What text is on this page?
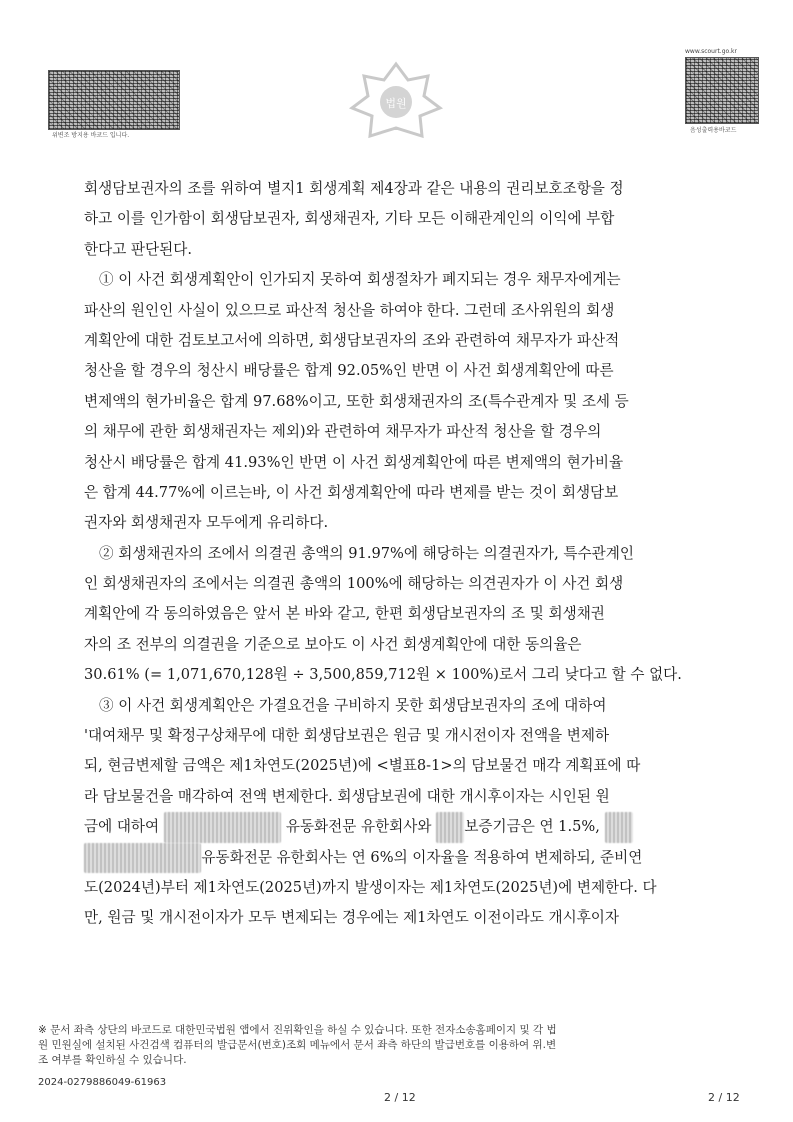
위변조 방지용 바코드 입니다.
법원
www.scourt.go.kr
음성출력용바코드
회생담보권자의 조를 위하여 별지1 회생계획 제4장과 같은 내용의 권리보호조항을 정
하고 이를 인가함이 회생담보권자, 회생채권자, 기타 모든 이해관계인의 이익에 부합
한다고 판단된다.
① 이 사건 회생계획안이 인가되지 못하여 회생절차가 폐지되는 경우 채무자에게는
파산의 원인인 사실이 있으므로 파산적 청산을 하여야 한다. 그런데 조사위원의 회생
계획안에 대한 검토보고서에 의하면, 회생담보권자의 조와 관련하여 채무자가 파산적
청산을 할 경우의 청산시 배당률은 합계 92.05%인 반면 이 사건 회생계획안에 따른
변제액의 현가비율은 합계 97.68%이고, 또한 회생채권자의 조(특수관계자 및 조세 등
의 채무에 관한 회생채권자는 제외)와 관련하여 채무자가 파산적 청산을 할 경우의
청산시 배당률은 합계 41.93%인 반면 이 사건 회생계획안에 따른 변제액의 현가비율
은 합계 44.77%에 이르는바, 이 사건 회생계획안에 따라 변제를 받는 것이 회생담보
권자와 회생채권자 모두에게 유리하다.
② 회생채권자의 조에서 의결권 총액의 91.97%에 해당하는 의결권자가, 특수관계인
인 회생채권자의 조에서는 의결권 총액의 100%에 해당하는 의견권자가 이 사건 회생
계획안에 각 동의하였음은 앞서 본 바와 같고, 한편 회생담보권자의 조 및 회생채권
자의 조 전부의 의결권을 기준으로 보아도 이 사건 회생계획안에 대한 동의율은
30.61% (= 1,071,670,128원 ÷ 3,500,859,712원 × 100%)로서 그리 낮다고 할 수 없다.
③ 이 사건 회생계획안은 가결요건을 구비하지 못한 회생담보권자의 조에 대하여
'대여채무 및 확정구상채무에 대한 회생담보권은 원금 및 개시전이자 전액을 변제하
되, 현금변제할 금액은 제1차연도(2025년)에 <별표8-1>의 담보물건 매각 계획표에 따
라 담보물건을 매각하여 전액 변제한다. 회생담보권에 대한 개시후이자는 시인된 원
금에 대하여	유동화전문 유한회사와 보증기금은 연 1.5%,
유동화전문 유한회사는 연 6%의 이자율을 적용하여 변제하되, 준비연
도(2024년)부터 제1차연도(2025년)까지 발생이자는 제1차연도(2025년)에 변제한다. 다
만, 원금 및 개시전이자가 모두 변제되는 경우에는 제1차연도 이전이라도 개시후이자
※ 문서 좌측 상단의 바코드로 대한민국법원 앱에서 진위확인을 하실 수 있습니다. 또한 전자소송홈페이지 및 각 법
원 민원실에 설치된 사건검색 컴퓨터의 발급문서(번호)조회 메뉴에서 문서 좌측 하단의 발급번호를 이용하여 위.변
조 여부를 확인하실 수 있습니다.
2024-0279886049-61963
2 / 12	2 / 12
